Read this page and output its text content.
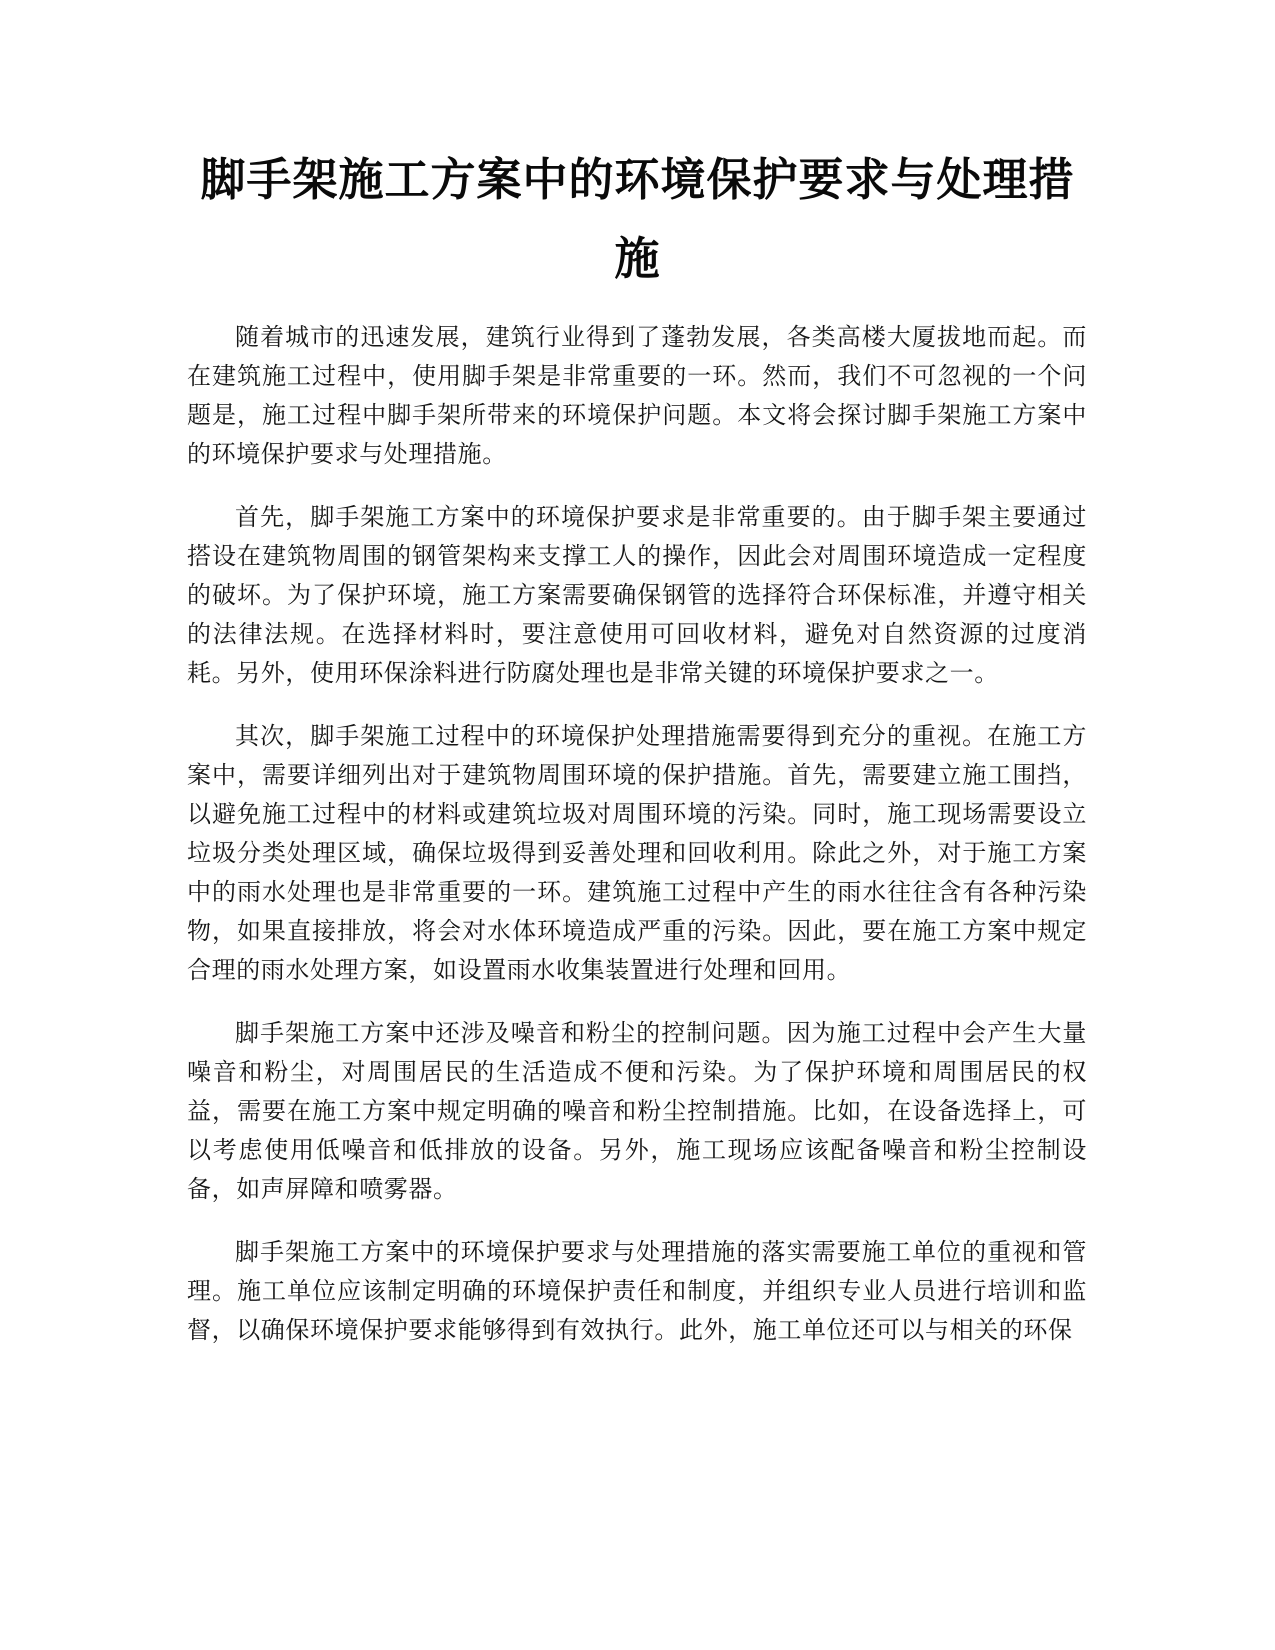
脚手架施工方案中的环境保护要求与处理措施

随着城市的迅速发展，建筑行业得到了蓬勃发展，各类高楼大厦拔地而起。而在建筑施工过程中，使用脚手架是非常重要的一环。然而，我们不可忽视的一个问题是，施工过程中脚手架所带来的环境保护问题。本文将会探讨脚手架施工方案中的环境保护要求与处理措施。

首先，脚手架施工方案中的环境保护要求是非常重要的。由于脚手架主要通过搭设在建筑物周围的钢管架构来支撑工人的操作，因此会对周围环境造成一定程度的破坏。为了保护环境，施工方案需要确保钢管的选择符合环保标准，并遵守相关的法律法规。在选择材料时，要注意使用可回收材料，避免对自然资源的过度消耗。另外，使用环保涂料进行防腐处理也是非常关键的环境保护要求之一。

其次，脚手架施工过程中的环境保护处理措施需要得到充分的重视。在施工方案中，需要详细列出对于建筑物周围环境的保护措施。首先，需要建立施工围挡，以避免施工过程中的材料或建筑垃圾对周围环境的污染。同时，施工现场需要设立垃圾分类处理区域，确保垃圾得到妥善处理和回收利用。除此之外，对于施工方案中的雨水处理也是非常重要的一环。建筑施工过程中产生的雨水往往含有各种污染物，如果直接排放，将会对水体环境造成严重的污染。因此，要在施工方案中规定合理的雨水处理方案，如设置雨水收集装置进行处理和回用。

脚手架施工方案中还涉及噪音和粉尘的控制问题。因为施工过程中会产生大量噪音和粉尘，对周围居民的生活造成不便和污染。为了保护环境和周围居民的权益，需要在施工方案中规定明确的噪音和粉尘控制措施。比如，在设备选择上，可以考虑使用低噪音和低排放的设备。另外，施工现场应该配备噪音和粉尘控制设备，如声屏障和喷雾器。

脚手架施工方案中的环境保护要求与处理措施的落实需要施工单位的重视和管理。施工单位应该制定明确的环境保护责任和制度，并组织专业人员进行培训和监督，以确保环境保护要求能够得到有效执行。此外，施工单位还可以与相关的环保
